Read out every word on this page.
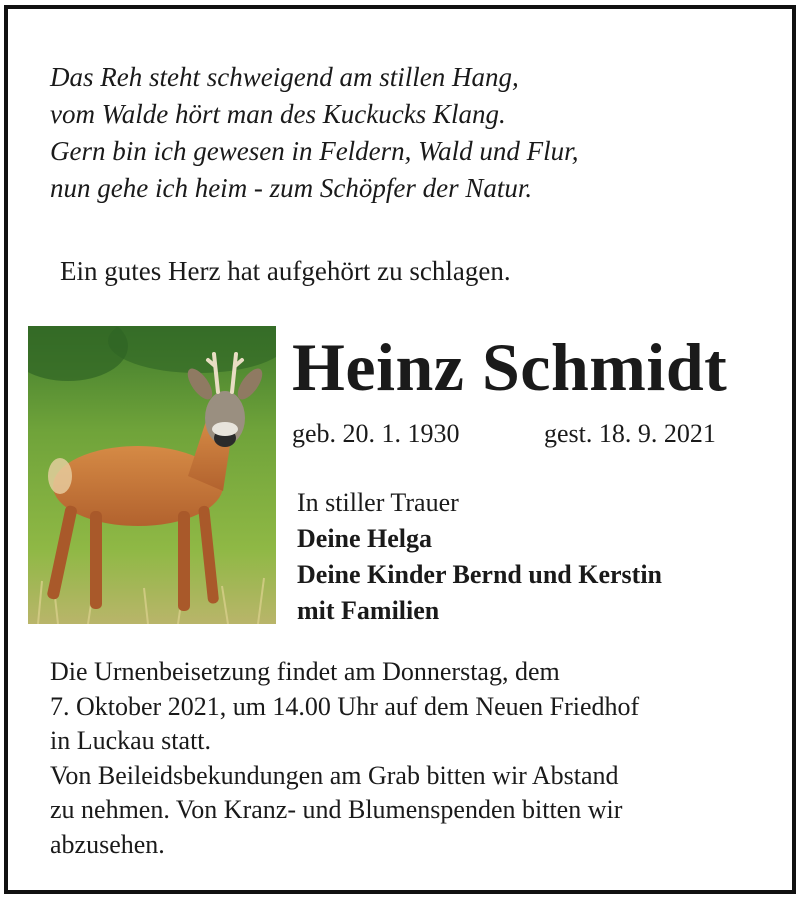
Das Reh steht schweigend am stillen Hang,
vom Walde hört man des Kuckucks Klang.
Gern bin ich gewesen in Feldern, Wald und Flur,
nun gehe ich heim - zum Schöpfer der Natur.
Ein gutes Herz hat aufgehört zu schlagen.
Heinz Schmidt
geb. 20. 1. 1930	gest. 18. 9. 2021
In stiller Trauer
Deine Helga
Deine Kinder Bernd und Kerstin
mit Familien
Die Urnenbeisetzung findet am Donnerstag, dem
7. Oktober 2021, um 14.00 Uhr auf dem Neuen Friedhof
in Luckau statt.
Von Beileidsbekundungen am Grab bitten wir Abstand
zu nehmen. Von Kranz- und Blumenspenden bitten wir
abzusehen.
